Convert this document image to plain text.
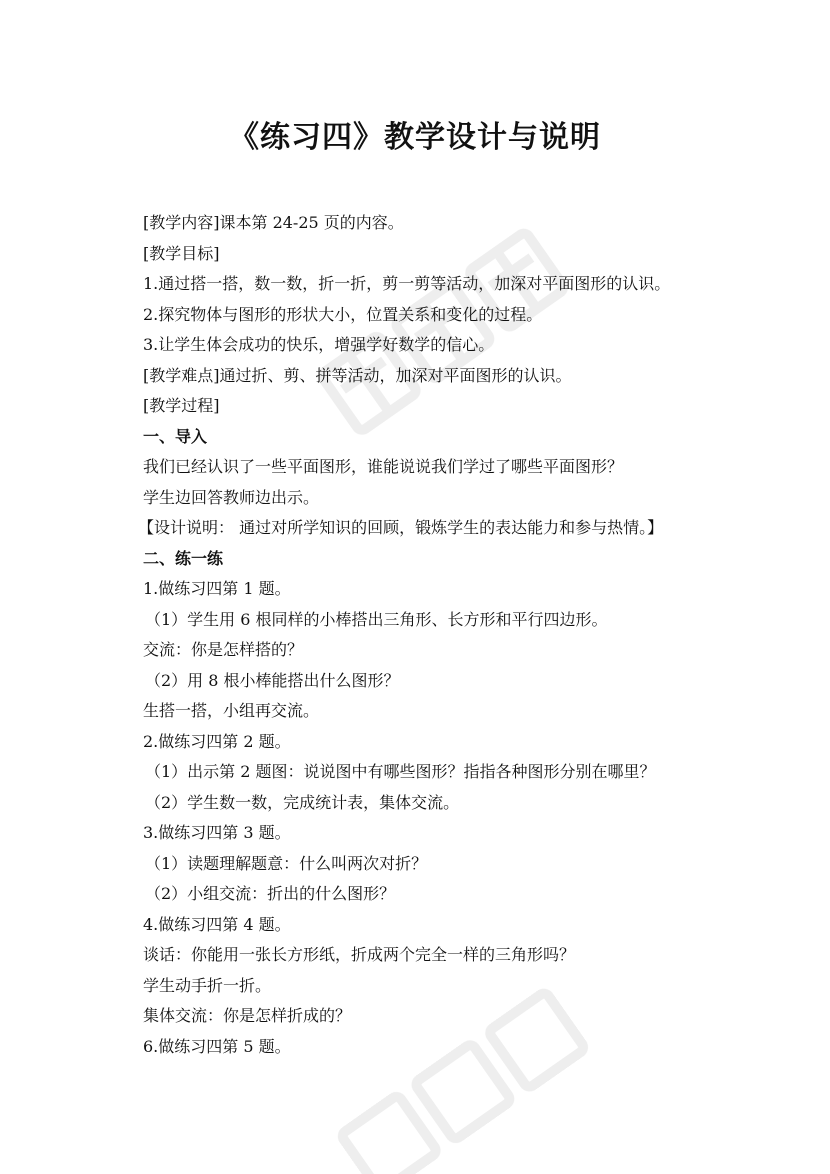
《练习四》教学设计与说明
[教学内容]课本第 24-25 页的内容。
[教学目标]
1.通过搭一搭，数一数，折一折，剪一剪等活动，加深对平面图形的认识。
2.探究物体与图形的形状大小，位置关系和变化的过程。
3.让学生体会成功的快乐，增强学好数学的信心。
[教学难点]通过折、剪、拼等活动，加深对平面图形的认识。
[教学过程]
一、导入
我们已经认识了一些平面图形，谁能说说我们学过了哪些平面图形？
学生边回答教师边出示。
【设计说明： 通过对所学知识的回顾，锻炼学生的表达能力和参与热情。】
二、练一练
1.做练习四第 1 题。
（1）学生用 6 根同样的小棒搭出三角形、长方形和平行四边形。
交流：你是怎样搭的？
（2）用 8 根小棒能搭出什么图形？
生搭一搭，小组再交流。
2.做练习四第 2 题。
（1）出示第 2 题图：说说图中有哪些图形？指指各种图形分别在哪里？
（2）学生数一数，完成统计表，集体交流。
3.做练习四第 3 题。
（1）读题理解题意：什么叫两次对折？
（2）小组交流：折出的什么图形？
4.做练习四第 4 题。
谈话：你能用一张长方形纸，折成两个完全一样的三角形吗？
学生动手折一折。
集体交流：你是怎样折成的？
6.做练习四第 5 题。
